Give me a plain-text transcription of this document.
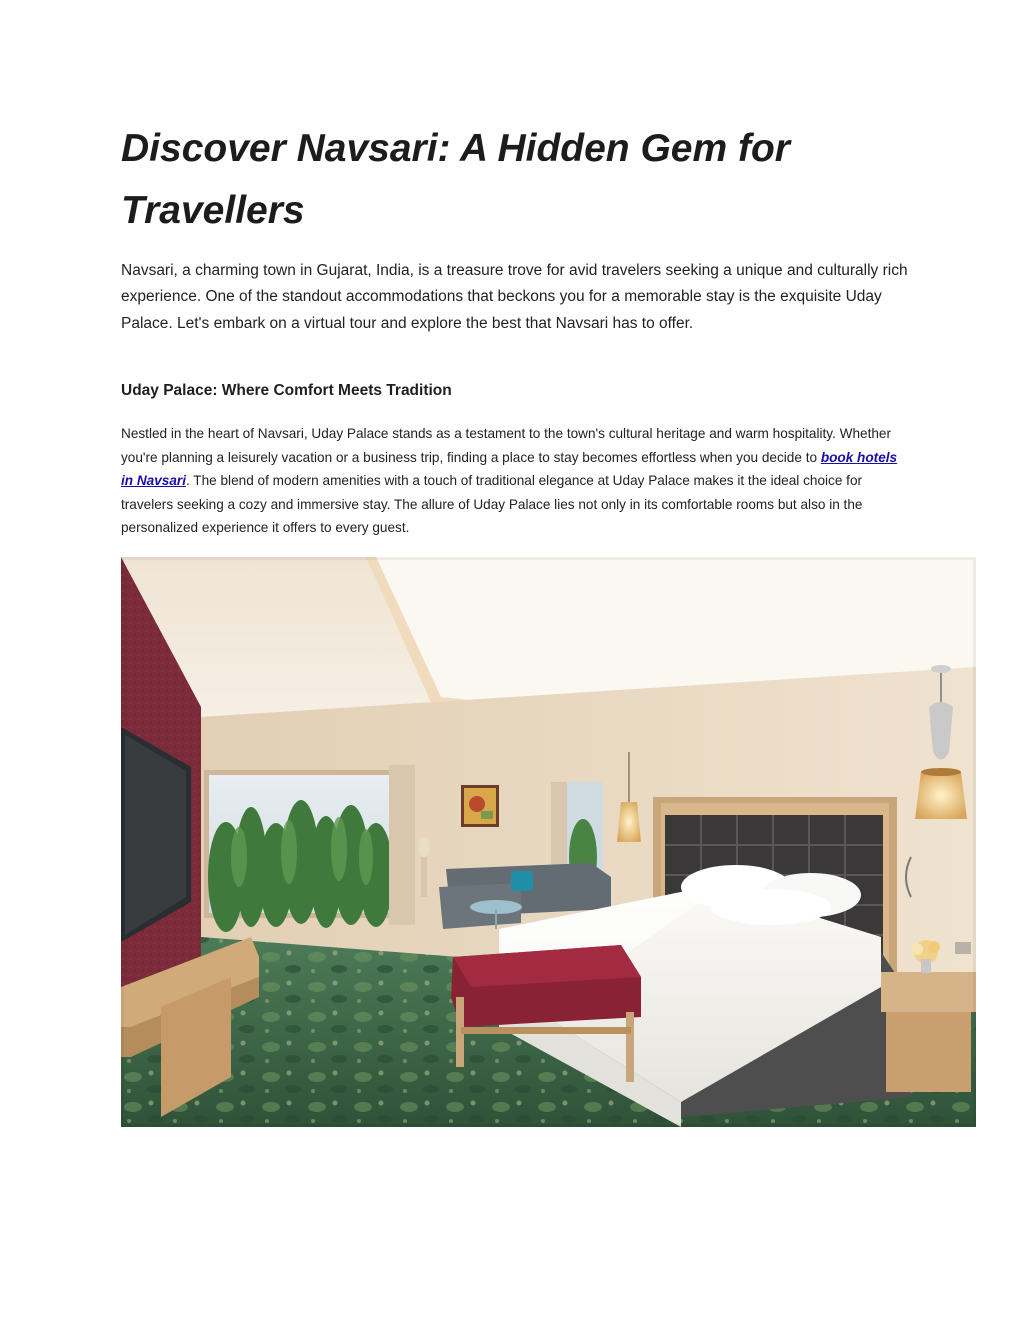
Discover Navsari: A Hidden Gem for Travellers

Navsari, a charming town in Gujarat, India, is a treasure trove for avid travelers seeking a unique and culturally rich experience. One of the standout accommodations that beckons you for a memorable stay is the exquisite Uday Palace. Let's embark on a virtual tour and explore the best that Navsari has to offer.

Uday Palace: Where Comfort Meets Tradition

Nestled in the heart of Navsari, Uday Palace stands as a testament to the town's cultural heritage and warm hospitality. Whether you're planning a leisurely vacation or a business trip, finding a place to stay becomes effortless when you decide to book hotels in Navsari. The blend of modern amenities with a touch of traditional elegance at Uday Palace makes it the ideal choice for travelers seeking a cozy and immersive stay. The allure of Uday Palace lies not only in its comfortable rooms but also in the personalized experience it offers to every guest.
